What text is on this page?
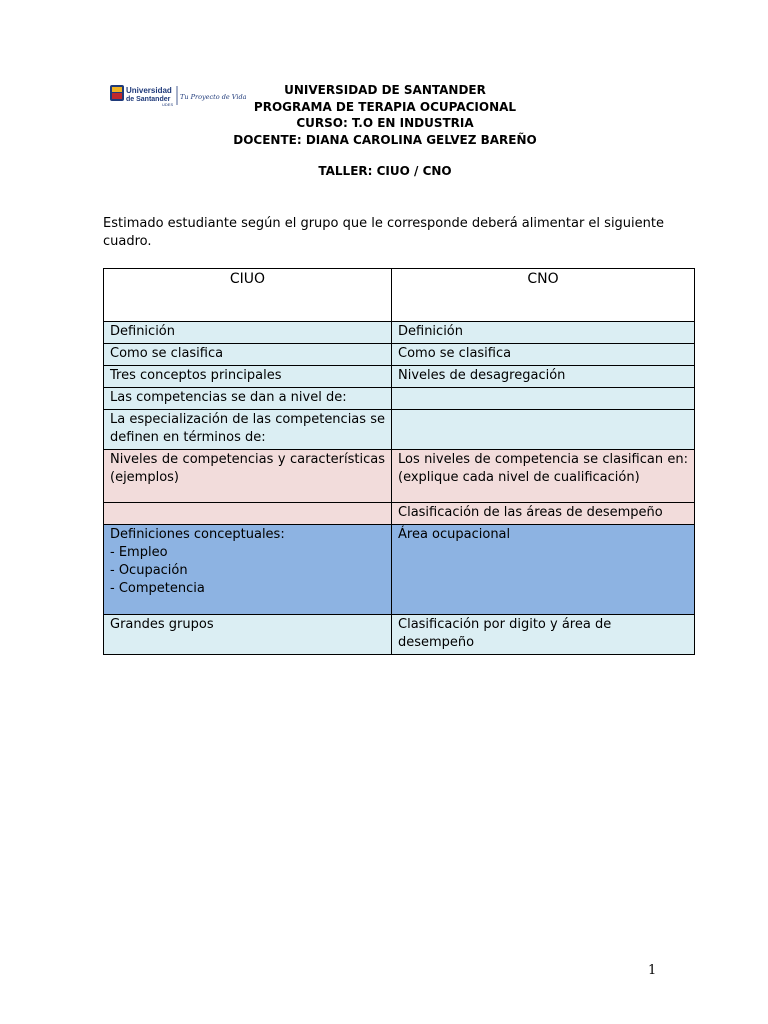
Universidad
de Santander
UDES
Tu Proyecto de Vida	UNIVERSIDAD DE SANTANDER
PROGRAMA DE TERAPIA OCUPACIONAL
CURSO: T.O EN INDUSTRIA
DOCENTE: DIANA CAROLINA GELVEZ BAREÑO
TALLER: CIUO / CNO
Estimado estudiante según el grupo que le corresponde deberá alimentar el siguiente cuadro.
CIUO	CNO
Definición	Definición
Como se clasifica	Como se clasifica
Tres conceptos principales	Niveles de desagregación
Las competencias se dan a nivel de:	
La especialización de las competencias se definen en términos de:	
Niveles de competencias y características (ejemplos)	Los niveles de competencia se clasifican en: (explique cada nivel de cualificación)
	Clasificación de las áreas de desempeño

Definiciones conceptuales:
- Empleo
- Ocupación
- Competencia	Área ocupacional
Grandes grupos	Clasificación por digito y área de desempeño
1
